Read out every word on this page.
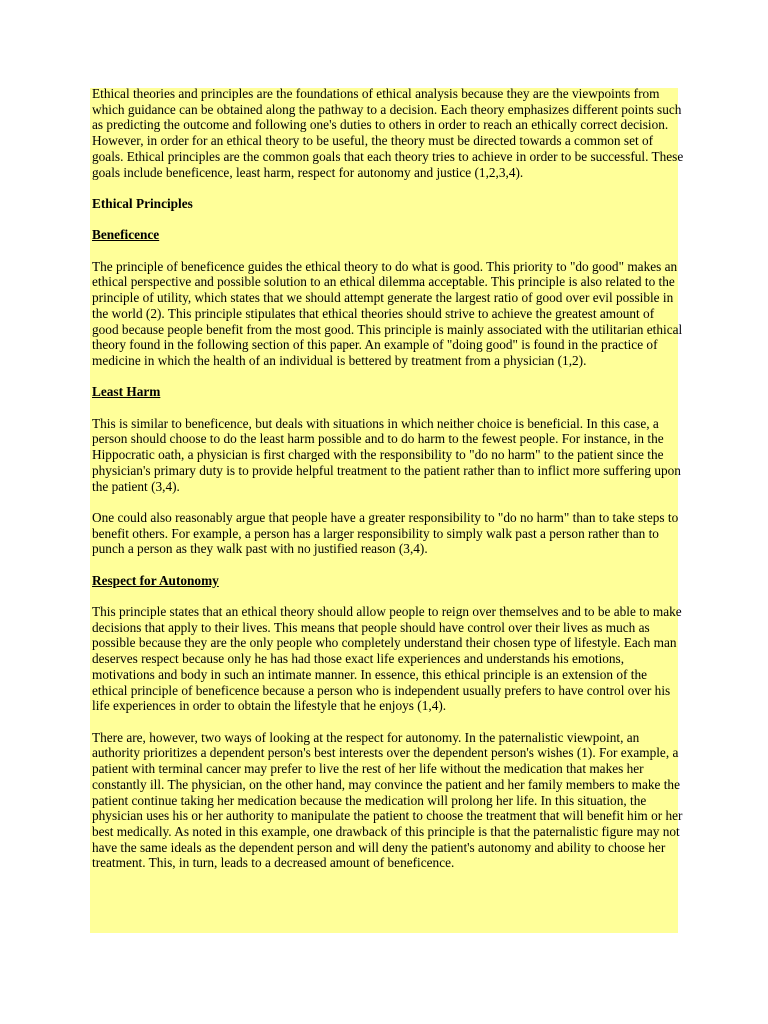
Ethical theories and principles are the foundations of ethical analysis because they are the viewpoints from which guidance can be obtained along the pathway to a decision. Each theory emphasizes different points such as predicting the outcome and following one's duties to others in order to reach an ethically correct decision. However, in order for an ethical theory to be useful, the theory must be directed towards a common set of goals. Ethical principles are the common goals that each theory tries to achieve in order to be successful. These goals include beneficence, least harm, respect for autonomy and justice (1,2,3,4).

Ethical Principles
Beneficence

The principle of beneficence guides the ethical theory to do what is good. This priority to "do good" makes an ethical perspective and possible solution to an ethical dilemma acceptable. This principle is also related to the principle of utility, which states that we should attempt generate the largest ratio of good over evil possible in the world (2). This principle stipulates that ethical theories should strive to achieve the greatest amount of good because people benefit from the most good. This principle is mainly associated with the utilitarian ethical theory found in the following section of this paper. An example of "doing good" is found in the practice of medicine in which the health of an individual is bettered by treatment from a physician (1,2).

Least Harm

This is similar to beneficence, but deals with situations in which neither choice is beneficial. In this case, a person should choose to do the least harm possible and to do harm to the fewest people. For instance, in the Hippocratic oath, a physician is first charged with the responsibility to "do no harm" to the patient since the physician's primary duty is to provide helpful treatment to the patient rather than to inflict more suffering upon the patient (3,4).

One could also reasonably argue that people have a greater responsibility to "do no harm" than to take steps to benefit others. For example, a person has a larger responsibility to simply walk past a person rather than to punch a person as they walk past with no justified reason (3,4).

Respect for Autonomy

This principle states that an ethical theory should allow people to reign over themselves and to be able to make decisions that apply to their lives. This means that people should have control over their lives as much as possible because they are the only people who completely understand their chosen type of lifestyle. Each man deserves respect because only he has had those exact life experiences and understands his emotions, motivations and body in such an intimate manner. In essence, this ethical principle is an extension of the ethical principle of beneficence because a person who is independent usually prefers to have control over his life experiences in order to obtain the lifestyle that he enjoys (1,4).

There are, however, two ways of looking at the respect for autonomy. In the paternalistic viewpoint, an authority prioritizes a dependent person's best interests over the dependent person's wishes (1). For example, a patient with terminal cancer may prefer to live the rest of her life without the medication that makes her constantly ill. The physician, on the other hand, may convince the patient and her family members to make the patient continue taking her medication because the medication will prolong her life. In this situation, the physician uses his or her authority to manipulate the patient to choose the treatment that will benefit him or her best medically. As noted in this example, one drawback of this principle is that the paternalistic figure may not have the same ideals as the dependent person and will deny the patient's autonomy and ability to choose her treatment. This, in turn, leads to a decreased amount of beneficence.
